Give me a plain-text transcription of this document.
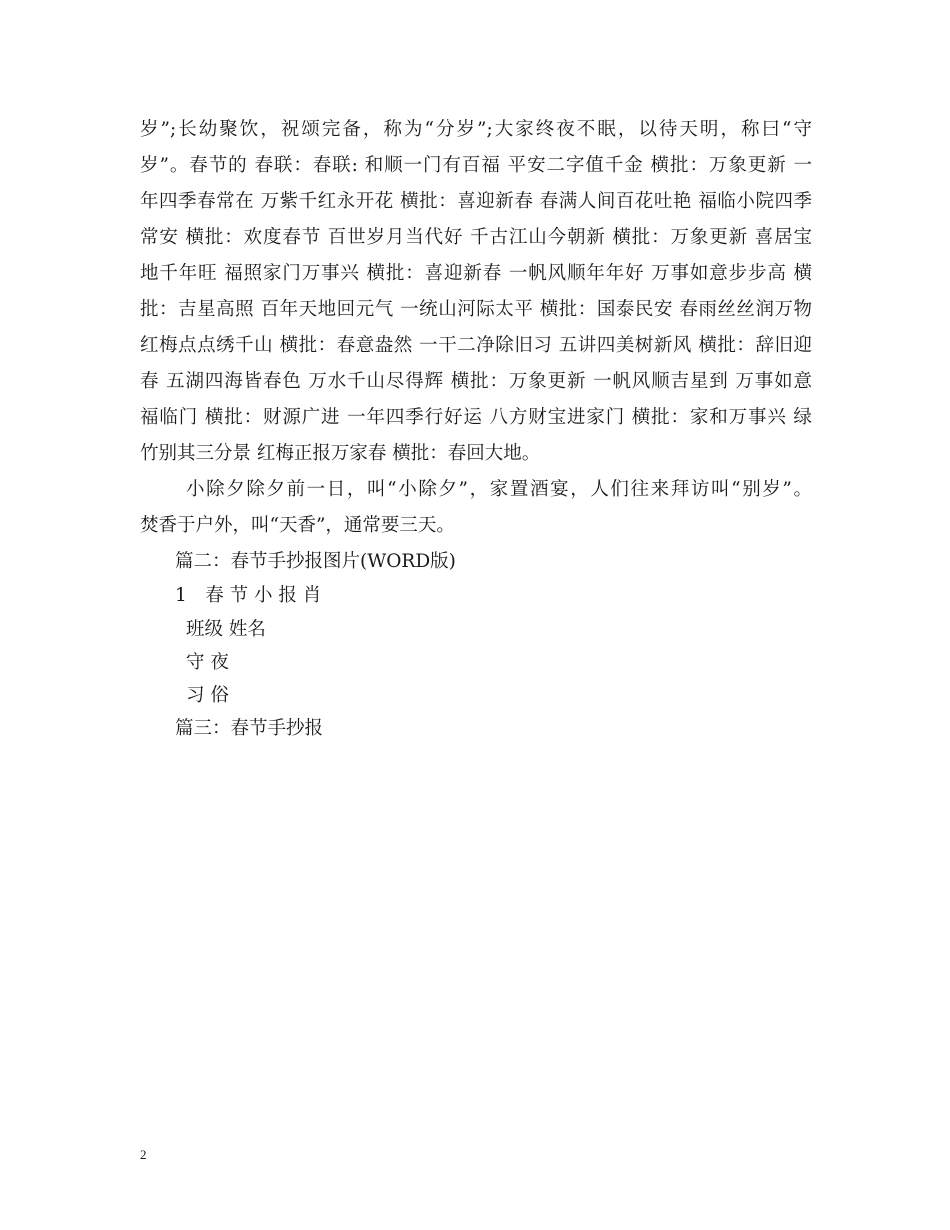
岁”;长幼聚饮，祝颂完备，称为“分岁”;大家终夜不眠，以待天明，称曰“守
岁”。春节的 春联：春联: 和顺一门有百福 平安二字值千金 横批：万象更新 一
年四季春常在 万紫千红永开花 横批：喜迎新春 春满人间百花吐艳 福临小院四季
常安 横批：欢度春节 百世岁月当代好 千古江山今朝新 横批：万象更新 喜居宝
地千年旺 福照家门万事兴 横批：喜迎新春 一帆风顺年年好 万事如意步步高 横
批：吉星高照 百年天地回元气 一统山河际太平 横批：国泰民安 春雨丝丝润万物
红梅点点绣千山 横批：春意盎然 一干二净除旧习 五讲四美树新风 横批：辞旧迎
春 五湖四海皆春色 万水千山尽得辉 横批：万象更新 一帆风顺吉星到 万事如意
福临门 横批：财源广进 一年四季行好运 八方财宝进家门 横批：家和万事兴 绿
竹别其三分景 红梅正报万家春 横批：春回大地。
小除夕除夕前一日，叫“小除夕”，家置酒宴，人们往来拜访叫“别岁”。
焚香于户外，叫“天香”，通常要三天。
篇二：春节手抄报图片(WORD版)
1　春 节 小 报 肖
班级 姓名
守 夜
习 俗
篇三：春节手抄报
2
